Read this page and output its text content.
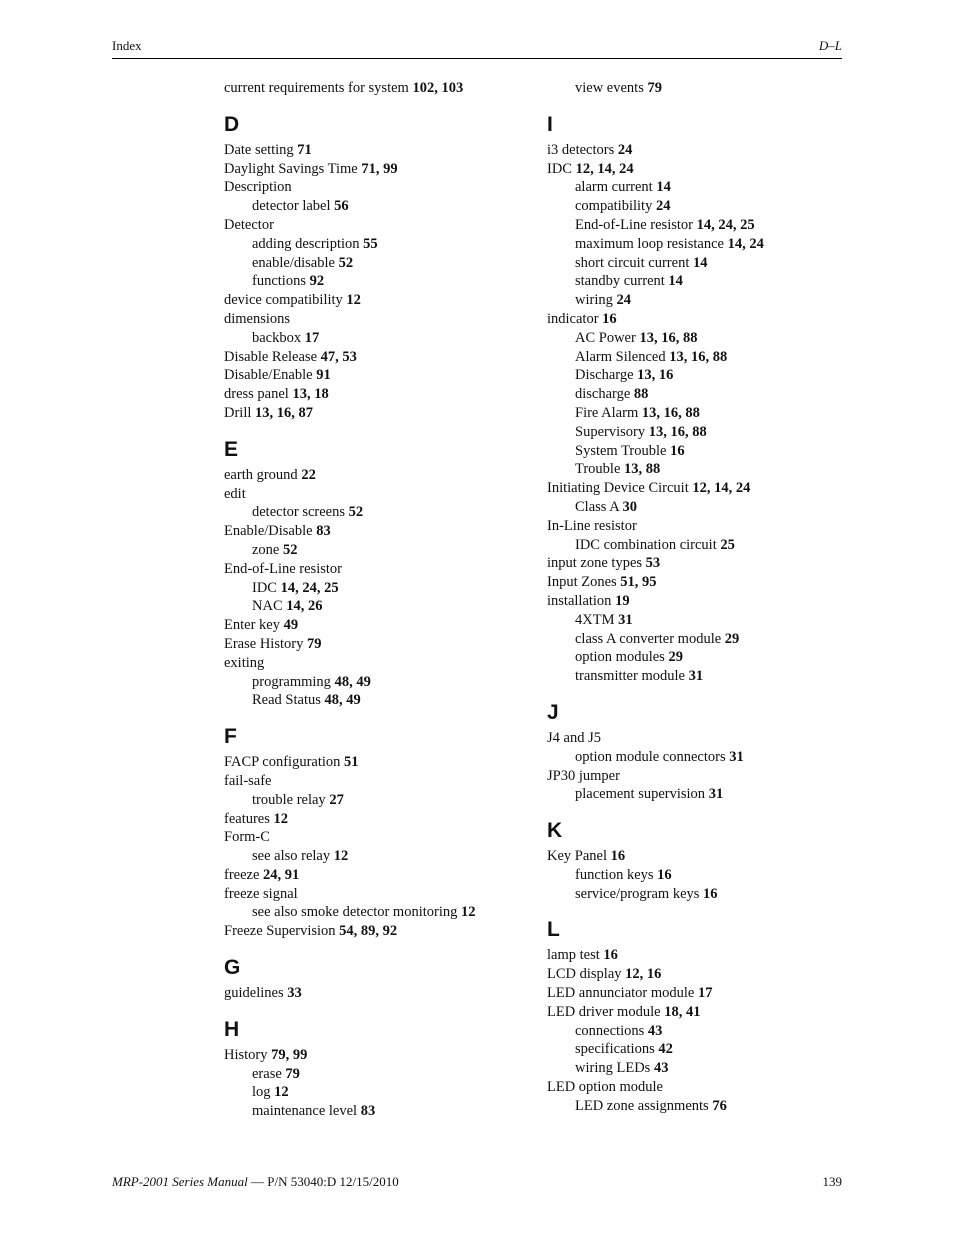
Index	D–L
current requirements for system 102, 103
D
Date setting 71
Daylight Savings Time 71, 99
Description
detector label 56
Detector
adding description 55
enable/disable 52
functions 92
device compatibility 12
dimensions
backbox 17
Disable Release 47, 53
Disable/Enable 91
dress panel 13, 18
Drill 13, 16, 87
E
earth ground 22
edit
detector screens 52
Enable/Disable 83
zone 52
End-of-Line resistor
IDC 14, 24, 25
NAC 14, 26
Enter key 49
Erase History 79
exiting
programming 48, 49
Read Status 48, 49
F
FACP configuration 51
fail-safe
trouble relay 27
features 12
Form-C
see also relay 12
freeze 24, 91
freeze signal
see also smoke detector monitoring 12
Freeze Supervision 54, 89, 92
G
guidelines 33
H
History 79, 99
erase 79
log 12
maintenance level 83
view events 79
I
i3 detectors 24
IDC 12, 14, 24
alarm current 14
compatibility 24
End-of-Line resistor 14, 24, 25
maximum loop resistance 14, 24
short circuit current 14
standby current 14
wiring 24
indicator 16
AC Power 13, 16, 88
Alarm Silenced 13, 16, 88
Discharge 13, 16
discharge 88
Fire Alarm 13, 16, 88
Supervisory 13, 16, 88
System Trouble 16
Trouble 13, 88
Initiating Device Circuit 12, 14, 24
Class A 30
In-Line resistor
IDC combination circuit 25
input zone types 53
Input Zones 51, 95
installation 19
4XTM 31
class A converter module 29
option modules 29
transmitter module 31
J
J4 and J5
option module connectors 31
JP30 jumper
placement supervision 31
K
Key Panel 16
function keys 16
service/program keys 16
L
lamp test 16
LCD display 12, 16
LED annunciator module 17
LED driver module 18, 41
connections 43
specifications 42
wiring LEDs 43
LED option module
LED zone assignments 76
MRP-2001 Series Manual — P/N 53040:D 12/15/2010	139
